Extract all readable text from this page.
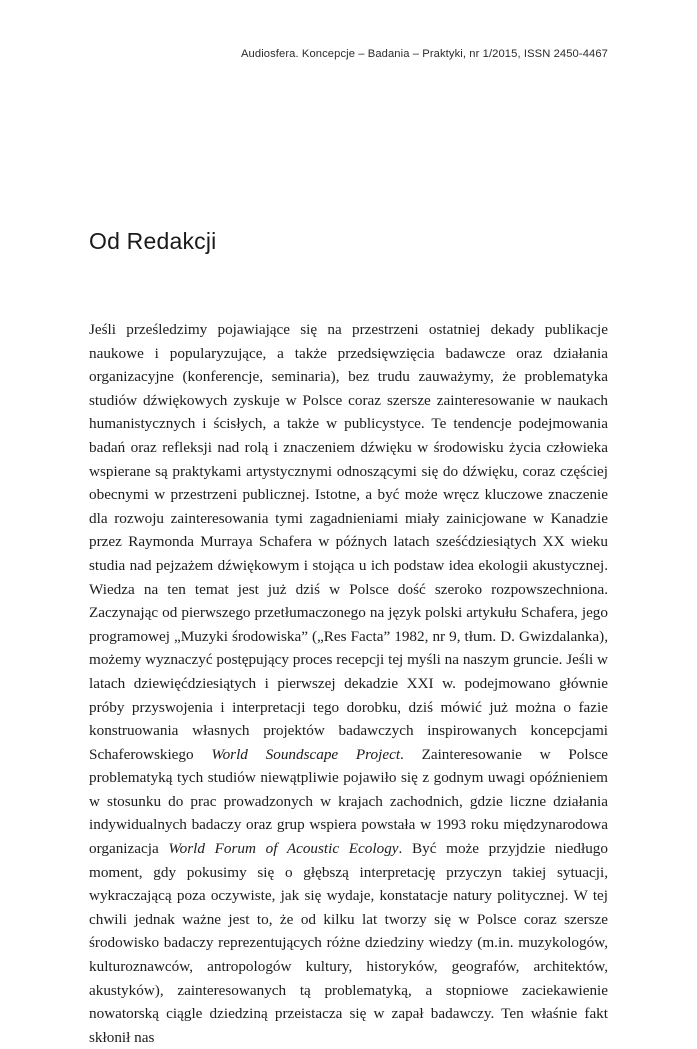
Audiosfera. Koncepcje – Badania – Praktyki, nr 1/2015, ISSN 2450-4467
Od Redakcji

Jeśli prześledzimy pojawiające się na przestrzeni ostatniej dekady publikacje naukowe i popularyzujące, a także przedsięwzięcia badawcze oraz działania organizacyjne (konferencje, seminaria), bez trudu zauważymy, że problematyka studiów dźwiękowych zyskuje w Polsce coraz szersze zainteresowanie w naukach humanistycznych i ścisłych, a także w publicystyce. Te tendencje podejmowania badań oraz refleksji nad rolą i znaczeniem dźwięku w środowisku życia człowieka wspierane są praktykami artystycznymi odnoszącymi się do dźwięku, coraz częściej obecnymi w przestrzeni publicznej. Istotne, a być może wręcz kluczowe znaczenie dla rozwoju zainteresowania tymi zagadnieniami miały zainicjowane w Kanadzie przez Raymonda Murraya Schafera w późnych latach sześćdziesiątych XX wieku studia nad pejzażem dźwiękowym i stojąca u ich podstaw idea ekologii akustycznej. Wiedza na ten temat jest już dziś w Polsce dość szeroko rozpowszechniona. Zaczynając od pierwszego przetłumaczonego na język polski artykułu Schafera, jego programowej „Muzyki środowiska” („Res Facta” 1982, nr 9, tłum. D. Gwizdalanka), możemy wyznaczyć postępujący proces recepcji tej myśli na naszym gruncie. Jeśli w latach dziewięćdziesiątych i pierwszej dekadzie XXI w. podejmowano głównie próby przyswojenia i interpretacji tego dorobku, dziś mówić już można o fazie konstruowania własnych projektów badawczych inspirowanych koncepcjami Schaferowskiego World Soundscape Project. Zainteresowanie w Polsce problematyką tych studiów niewątpliwie pojawiło się z godnym uwagi opóźnieniem w stosunku do prac prowadzonych w krajach zachodnich, gdzie liczne działania indywidualnych badaczy oraz grup wspiera powstała w 1993 roku międzynarodowa organizacja World Forum of Acoustic Ecology. Być może przyjdzie niedługo moment, gdy pokusimy się o głębszą interpretację przyczyn takiej sytuacji, wykraczającą poza oczywiste, jak się wydaje, konstatacje natury politycznej. W tej chwili jednak ważne jest to, że od kilku lat tworzy się w Polsce coraz szersze środowisko badaczy reprezentujących różne dziedziny wiedzy (m.in. muzykologów, kulturoznawców, antropologów kultury, historyków, geografów, architektów, akustyków), zainteresowanych tą problematyką, a stopniowe zaciekawienie nowatorską ciągle dziedziną przeistacza się w zapał badawczy. Ten właśnie fakt skłonił nas
